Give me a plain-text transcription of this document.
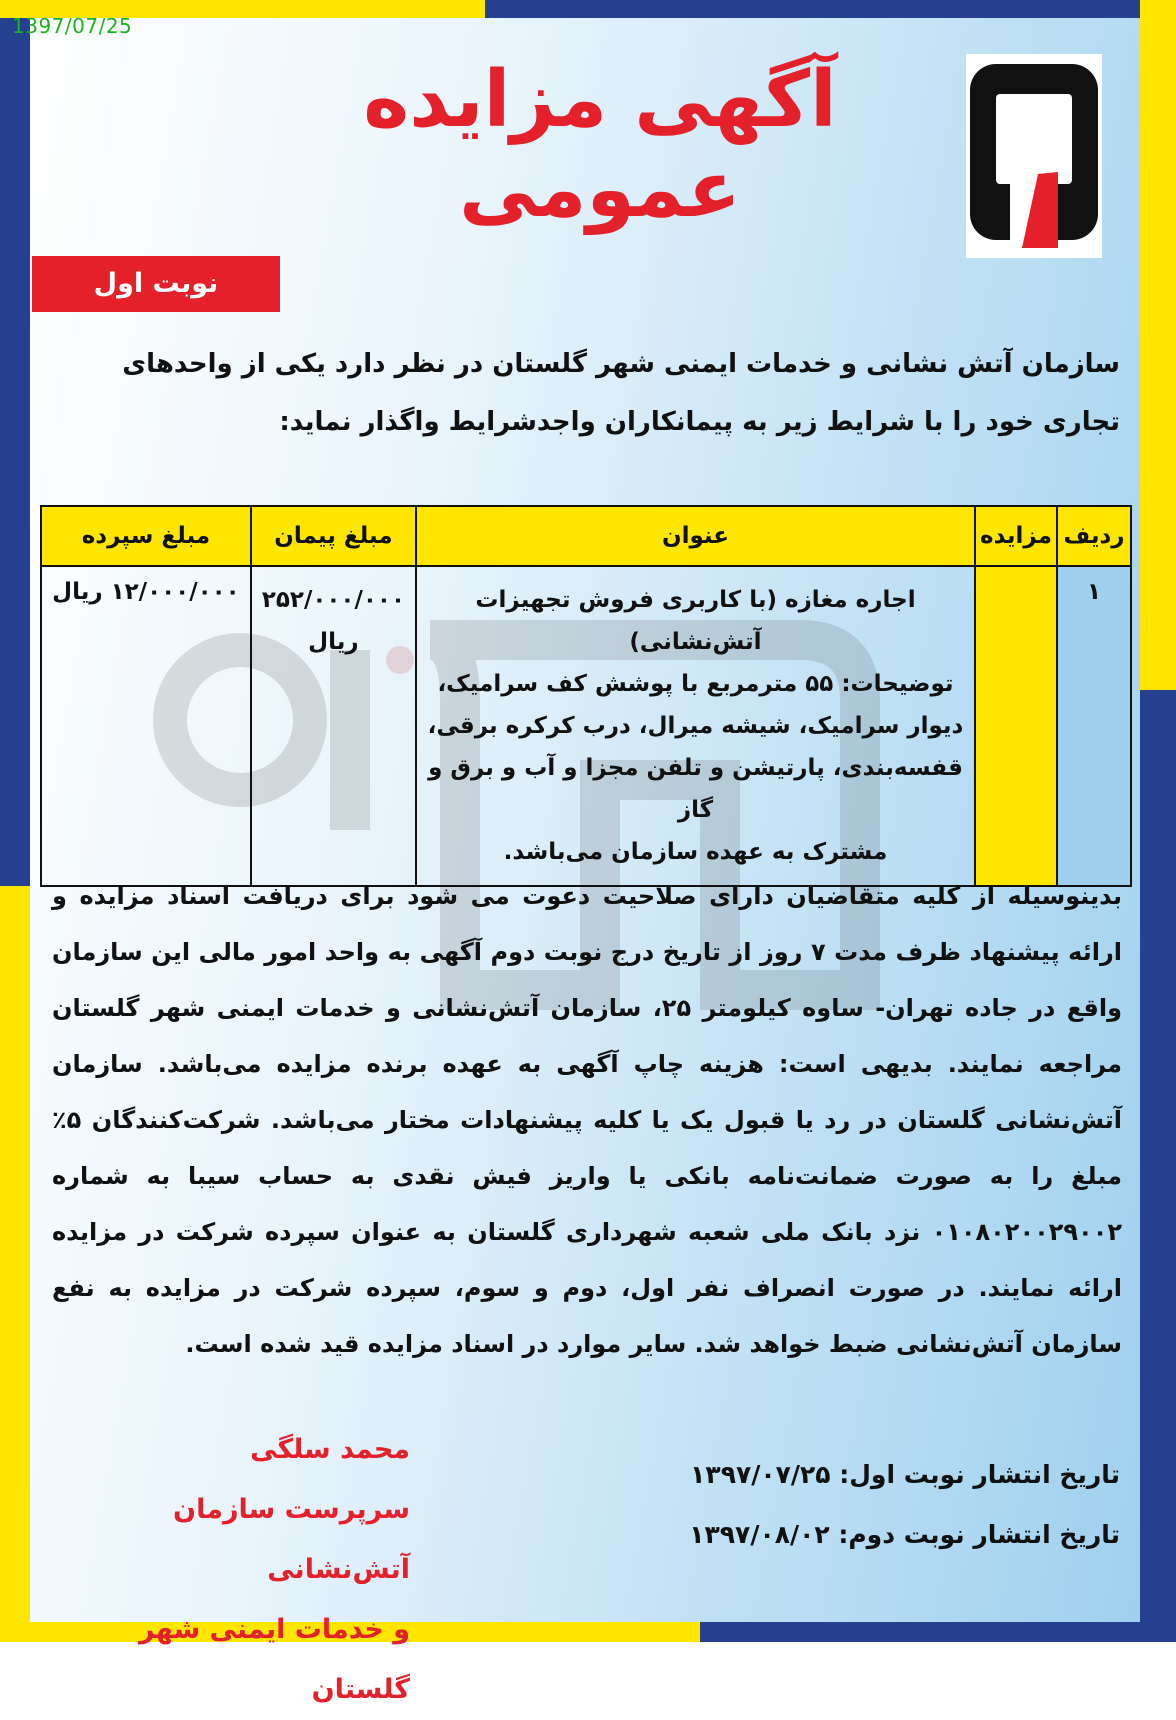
1397/07/25
آگهی مزایده عمومی
نوبت اول
سازمان آتش نشانی و خدمات ایمنی شهر گلستان در نظر دارد یکی از واحدهای تجاری خود را با شرایط زیر به پیمانکاران واجدشرایط واگذار نماید:
ردیف	مزایده	عنوان	مبلغ پیمان	مبلغ سپرده
۱		اجاره مغازه (با کاربری فروش تجهیزات آتش‌نشانی)
توضیحات: ۵۵ مترمربع با پوشش کف سرامیک،
دیوار سرامیک، شیشه میرال، درب کرکره برقی،
قفسه‌بندی، پارتیشن و تلفن مجزا و آب و برق و گاز
مشترک به عهده سازمان می‌باشد.	۲۵۲/۰۰۰/۰۰۰ ریال	۱۲/۰۰۰/۰۰۰ ریال
بدینوسیله از کلیه متقاضیان دارای صلاحیت دعوت می شود برای دریافت اسناد مزایده و ارائه پیشنهاد ظرف مدت ۷ روز از تاریخ درج نوبت دوم آگهی به واحد امور مالی این سازمان واقع در جاده تهران- ساوه کیلومتر ۲۵، سازمان آتش‌نشانی و خدمات ایمنی شهر گلستان مراجعه نمایند. بدیهی است: هزینه چاپ آگهی به عهده برنده مزایده می‌باشد. سازمان آتش‌نشانی گلستان در رد یا قبول یک یا کلیه پیشنهادات مختار می‌باشد. شرکت‌کنندگان ۵٪ مبلغ را به صورت ضمانت‌نامه بانکی یا واریز فیش نقدی به حساب سیبا به شماره ۰۱۰۸۰۲۰۰۲۹۰۰۲ نزد بانک ملی شعبه شهرداری گلستان به عنوان سپرده شرکت در مزایده ارائه نمایند. در صورت انصراف نفر اول، دوم و سوم، سپرده شرکت در مزایده به نفع سازمان آتش‌نشانی ضبط خواهد شد. سایر موارد در اسناد مزایده قید شده است.
تاریخ انتشار نوبت اول: ۱۳۹۷/۰۷/۲۵
تاریخ انتشار نوبت دوم: ۱۳۹۷/۰۸/۰۲
محمد سلگی
سرپرست سازمان آتش‌نشانی
و خدمات ایمنی شهر گلستان
